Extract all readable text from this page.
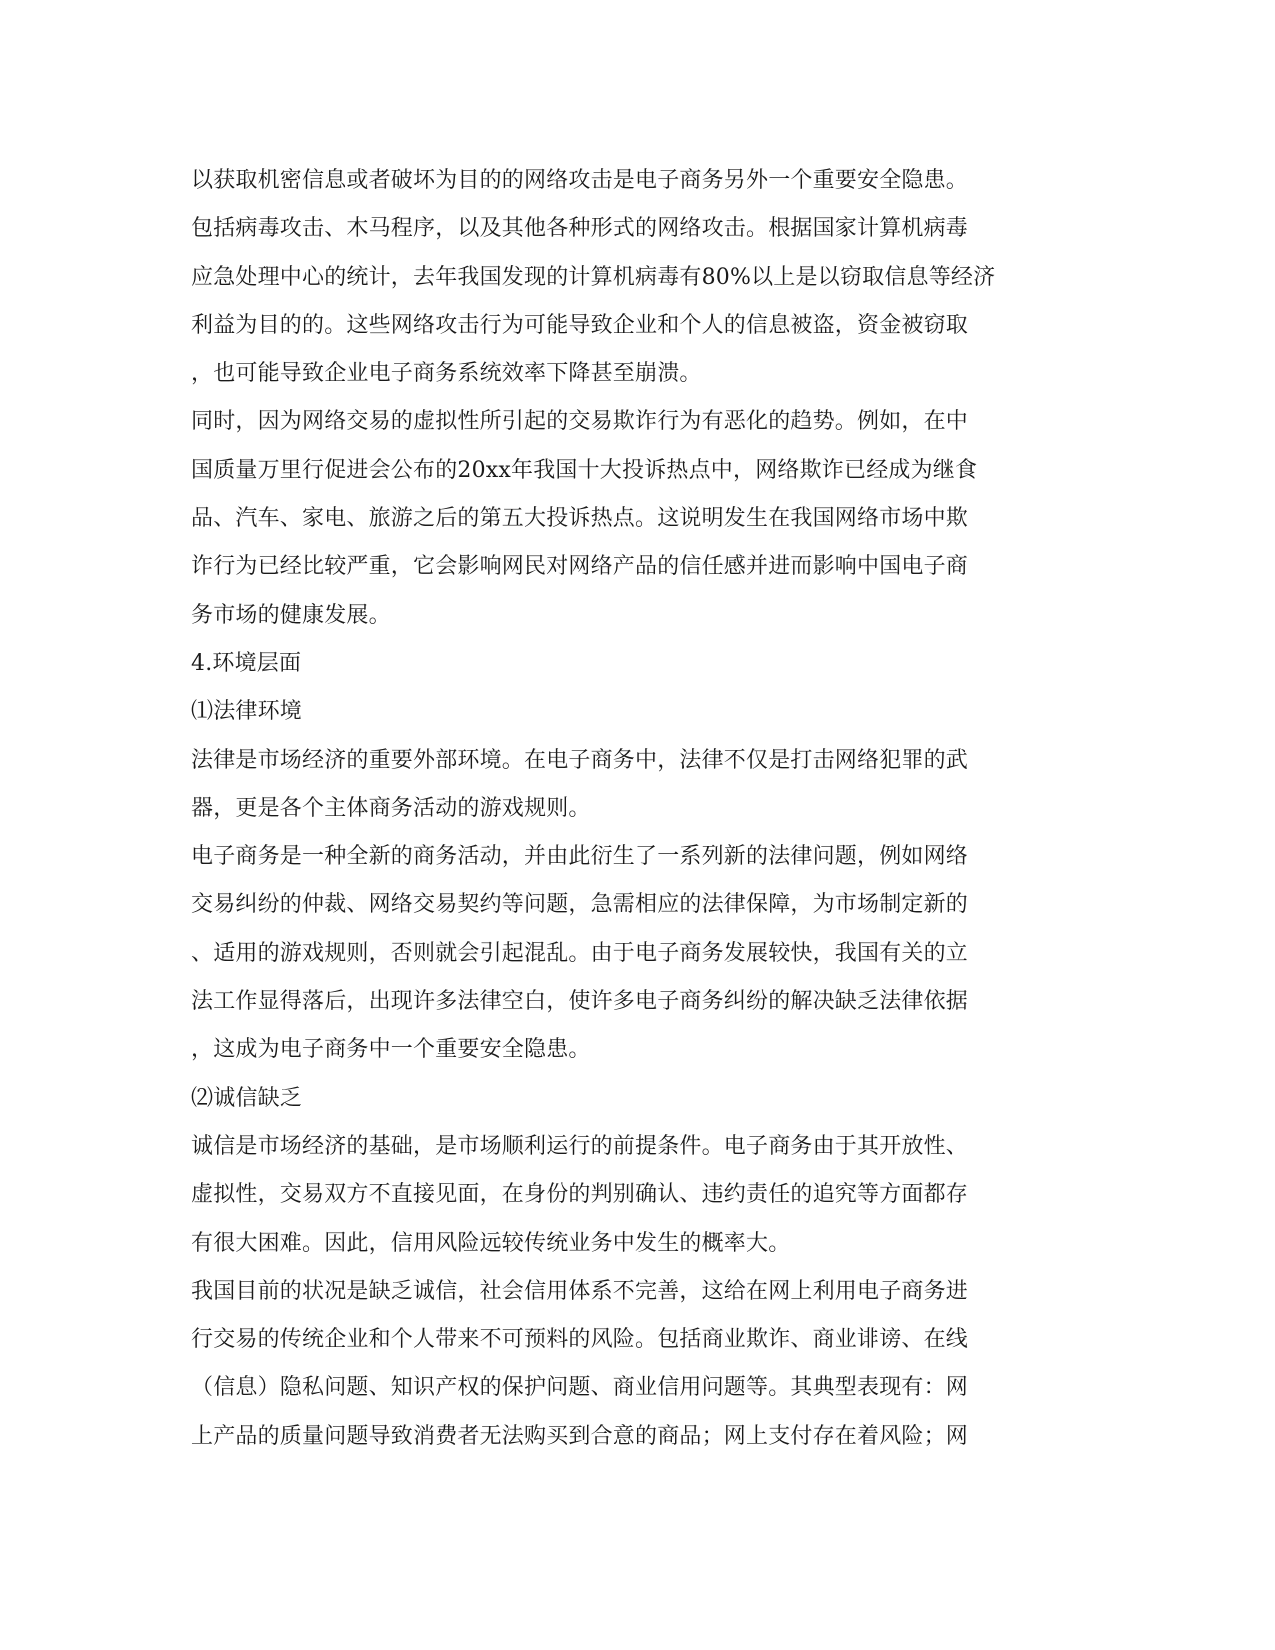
以获取机密信息或者破坏为目的的网络攻击是电子商务另外一个重要安全隐患。
包括病毒攻击、木马程序，以及其他各种形式的网络攻击。根据国家计算机病毒
应急处理中心的统计，去年我国发现的计算机病毒有80%以上是以窃取信息等经济
利益为目的的。这些网络攻击行为可能导致企业和个人的信息被盗，资金被窃取
，也可能导致企业电子商务系统效率下降甚至崩溃。
同时，因为网络交易的虚拟性所引起的交易欺诈行为有恶化的趋势。例如，在中
国质量万里行促进会公布的20xx年我国十大投诉热点中，网络欺诈已经成为继食
品、汽车、家电、旅游之后的第五大投诉热点。这说明发生在我国网络市场中欺
诈行为已经比较严重，它会影响网民对网络产品的信任感并进而影响中国电子商
务市场的健康发展。
4.环境层面
⑴法律环境
法律是市场经济的重要外部环境。在电子商务中，法律不仅是打击网络犯罪的武
器，更是各个主体商务活动的游戏规则。
电子商务是一种全新的商务活动，并由此衍生了一系列新的法律问题，例如网络
交易纠纷的仲裁、网络交易契约等问题，急需相应的法律保障，为市场制定新的
、适用的游戏规则，否则就会引起混乱。由于电子商务发展较快，我国有关的立
法工作显得落后，出现许多法律空白，使许多电子商务纠纷的解决缺乏法律依据
，这成为电子商务中一个重要安全隐患。
⑵诚信缺乏
诚信是市场经济的基础，是市场顺利运行的前提条件。电子商务由于其开放性、
虚拟性，交易双方不直接见面，在身份的判别确认、违约责任的追究等方面都存
有很大困难。因此，信用风险远较传统业务中发生的概率大。
我国目前的状况是缺乏诚信，社会信用体系不完善，这给在网上利用电子商务进
行交易的传统企业和个人带来不可预料的风险。包括商业欺诈、商业诽谤、在线
（信息）隐私问题、知识产权的保护问题、商业信用问题等。其典型表现有：网
上产品的质量问题导致消费者无法购买到合意的商品；网上支付存在着风险；网
